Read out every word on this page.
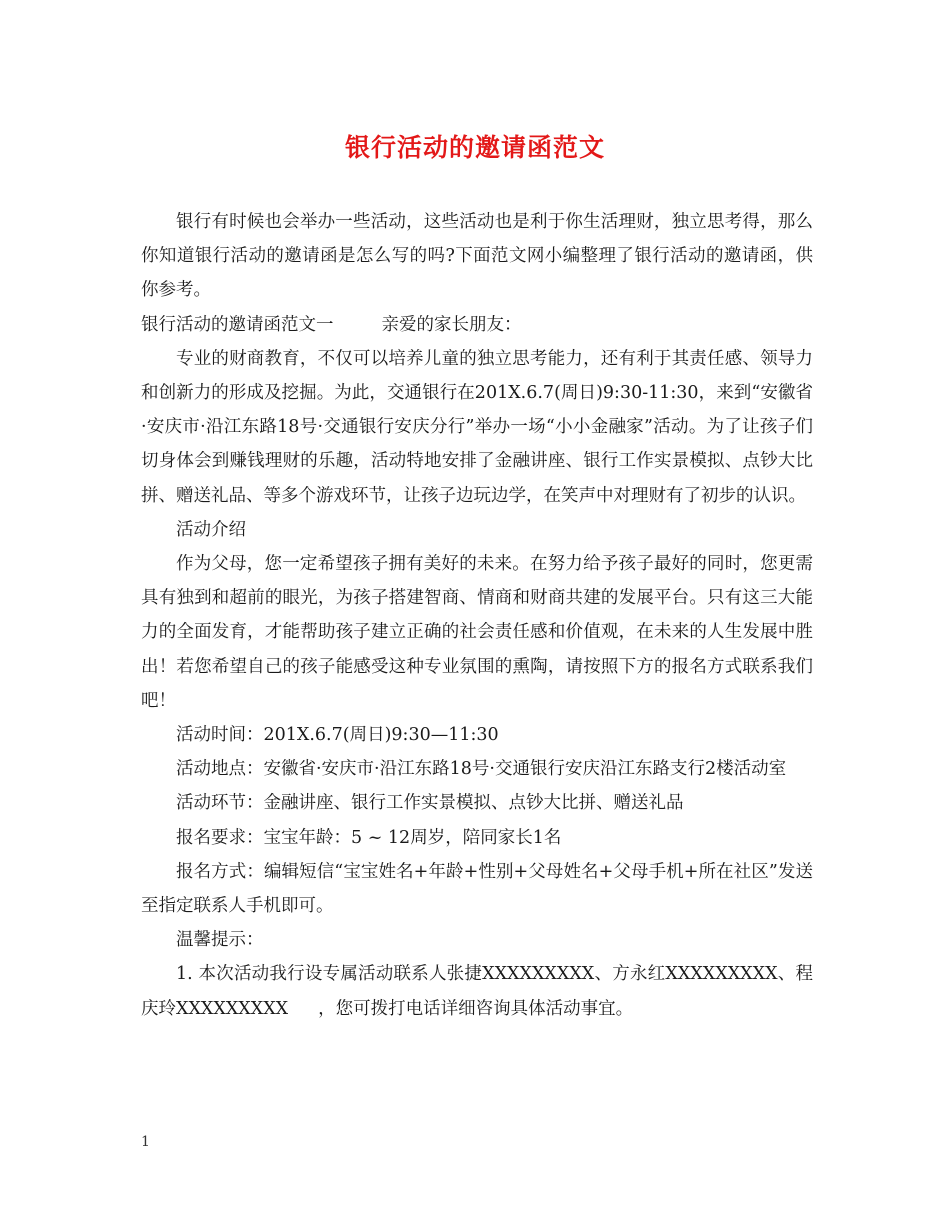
银行活动的邀请函范文

银行有时候也会举办一些活动，这些活动也是利于你生活理财，独立思考得，那么你知道银行活动的邀请函是怎么写的吗?下面范文网小编整理了银行活动的邀请函，供你参考。

银行活动的邀请函范文一	亲爱的家长朋友：

专业的财商教育，不仅可以培养儿童的独立思考能力，还有利于其责任感、领导力和创新力的形成及挖掘。为此，交通银行在201X.6.7(周日)9:30-11:30，来到“安徽省·安庆市·沿江东路18号·交通银行安庆分行”举办一场“小小金融家”活动。为了让孩子们切身体会到赚钱理财的乐趣，活动特地安排了金融讲座、银行工作实景模拟、点钞大比拼、赠送礼品、等多个游戏环节，让孩子边玩边学，在笑声中对理财有了初步的认识。

活动介绍

作为父母，您一定希望孩子拥有美好的未来。在努力给予孩子最好的同时，您更需具有独到和超前的眼光，为孩子搭建智商、情商和财商共建的发展平台。只有这三大能力的全面发育，才能帮助孩子建立正确的社会责任感和价值观，在未来的人生发展中胜出！若您希望自己的孩子能感受这种专业氛围的熏陶，请按照下方的报名方式联系我们吧！

活动时间：201X.6.7(周日)9:30—11:30

活动地点：安徽省·安庆市·沿江东路18号·交通银行安庆沿江东路支行2楼活动室

活动环节：金融讲座、银行工作实景模拟、点钞大比拼、赠送礼品

报名要求：宝宝年龄：5 ~ 12周岁，陪同家长1名

报名方式：编辑短信“宝宝姓名+年龄+性别+父母姓名+父母手机+所在社区”发送至指定联系人手机即可。

温馨提示：

1. 本次活动我行设专属活动联系人张捷XXXXXXXXX、方永红XXXXXXXXX、程庆玲XXXXXXXXX ，您可拨打电话详细咨询具体活动事宜。

1
